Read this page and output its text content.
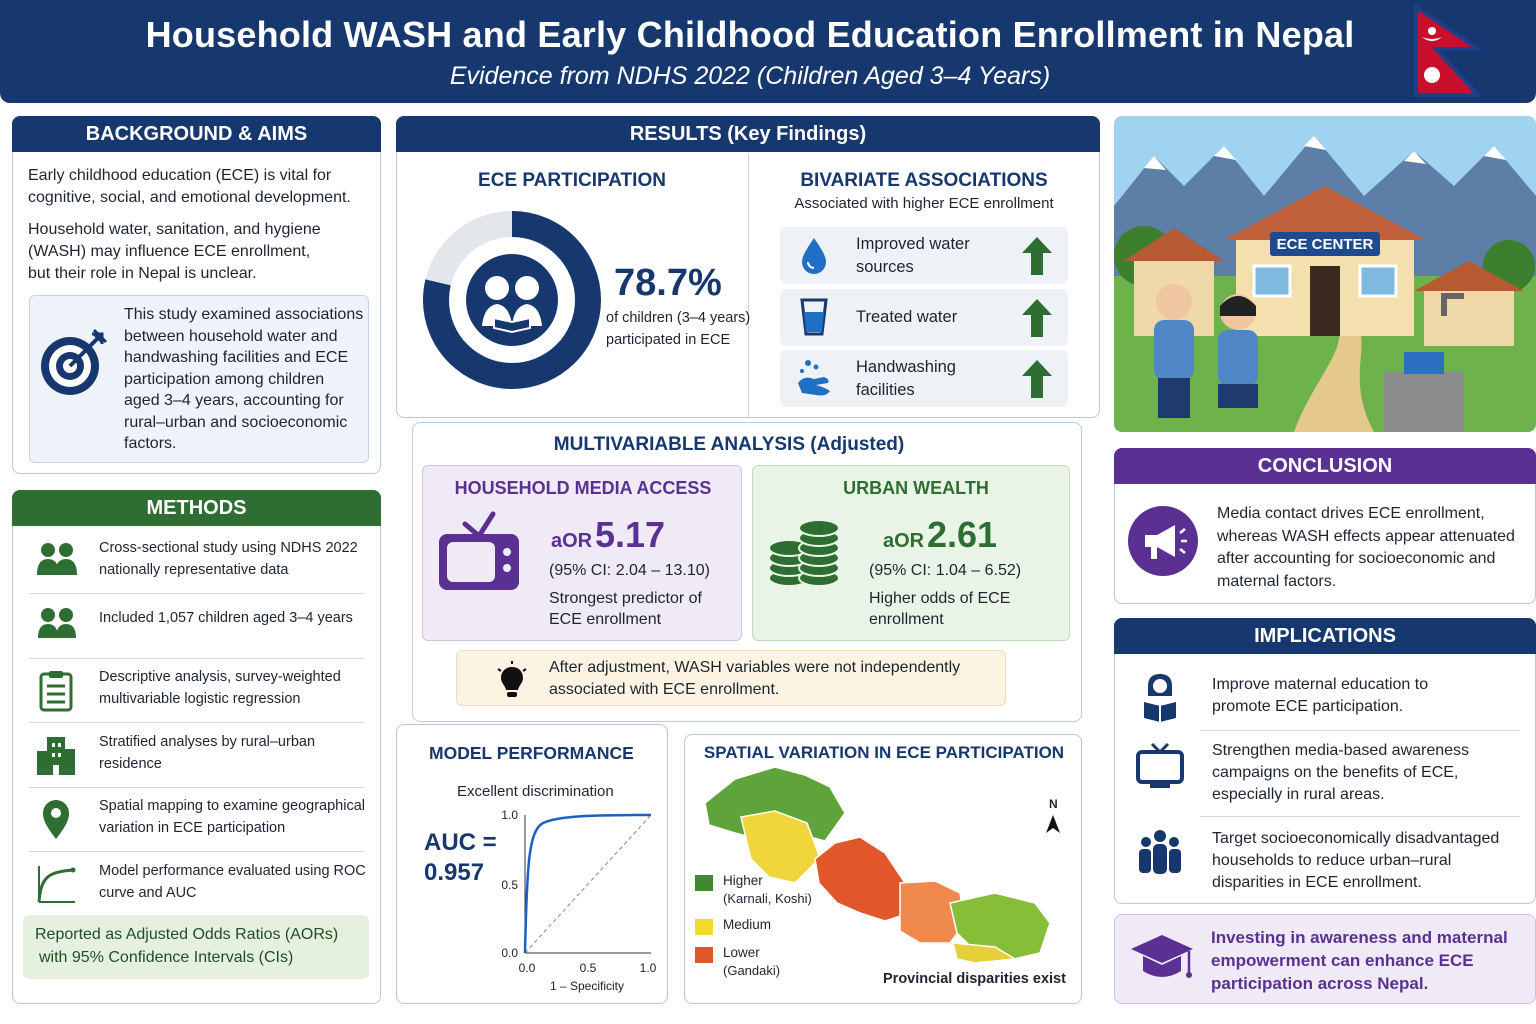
Household WASH and Early Childhood Education Enrollment in Nepal
Evidence from NDHS 2022 (Children Aged 3–4 Years)
BACKGROUND & AIMS
Early childhood education (ECE) is vital for cognitive, social, and emotional development.
Household water, sanitation, and hygiene
(WASH) may influence ECE enrollment,
but their role in Nepal is unclear.
This study examined associations
between household water and
handwashing facilities and ECE
participation among children
aged 3–4 years, accounting for
rural–urban and socioeconomic
factors.
METHODS
Reported as Adjusted Odds Ratios (AORs)
with 95% Confidence Intervals (CIs)
Cross-sectional study using NDHS 2022
nationally representative data
Included 1,057 children aged 3–4 years
Descriptive analysis, survey-weighted
multivariable logistic regression
Stratified analyses by rural–urban
residence
Spatial mapping to examine geographical
variation in ECE participation
Model performance evaluated using ROC
curve and AUC
RESULTS (Key Findings)
ECE PARTICIPATION
78.7%
of children (3–4 years)
participated in ECE
BIVARIATE ASSOCIATIONS
Associated with higher ECE enrollment
Improved water
sources
Treated water
Handwashing
facilities
MULTIVARIABLE ANALYSIS (Adjusted)
HOUSEHOLD MEDIA ACCESS
aOR 5.17
(95% CI: 2.04 – 13.10)
Strongest predictor of
ECE enrollment
URBAN WEALTH
aOR 2.61
(95% CI: 1.04 – 6.52)
Higher odds of ECE
enrollment
After adjustment, WASH variables were not independently
associated with ECE enrollment.
MODEL PERFORMANCE
Excellent discrimination
AUC =
0.957
1.0
0.5
0.0
0.0	0.5	1.0
1 – Specificity
SPATIAL VARIATION IN ECE PARTICIPATION
N
Provincial disparities exist
Higher
(Karnali, Koshi)
Medium
Lower
(Gandaki)
ECE CENTER
CONCLUSION
Media contact drives ECE enrollment,
whereas WASH effects appear attenuated
after accounting for socioeconomic and
maternal factors.
IMPLICATIONS
Improve maternal education to
promote ECE participation.
Strengthen media-based awareness
campaigns on the benefits of ECE,
especially in rural areas.
Target socioeconomically disadvantaged
households to reduce urban–rural
disparities in ECE enrollment.
Investing in awareness and maternal
empowerment can enhance ECE
participation across Nepal.
